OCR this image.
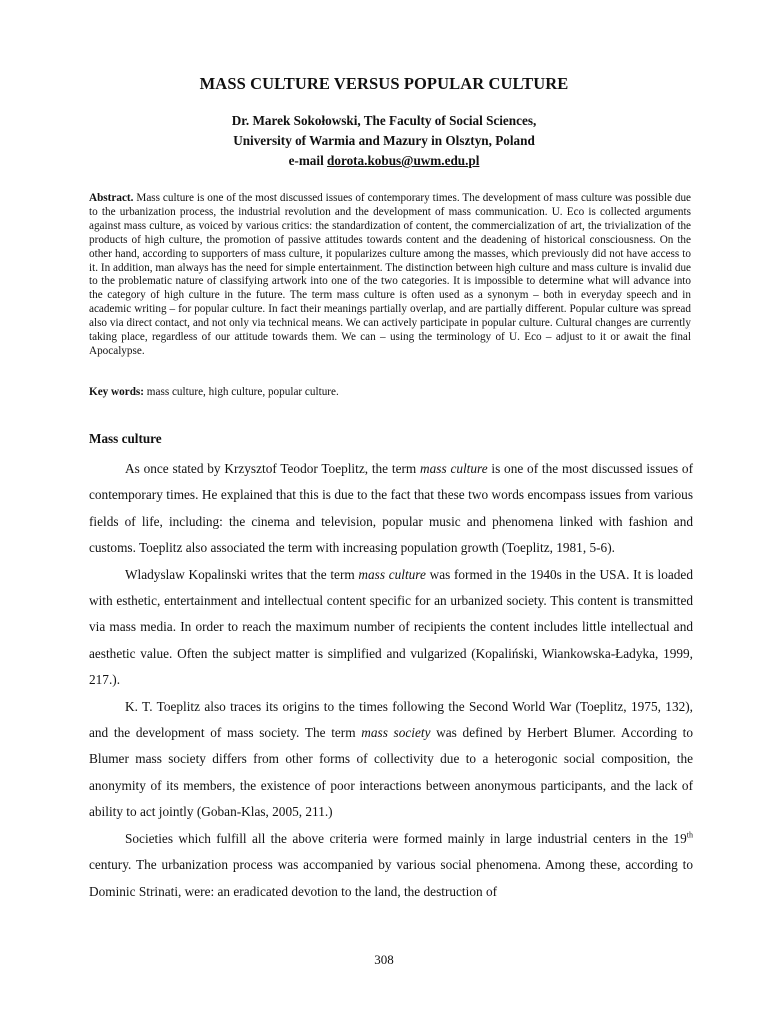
MASS CULTURE VERSUS POPULAR CULTURE
Dr. Marek Sokołowski, The Faculty of Social Sciences,
University of Warmia and Mazury in Olsztyn, Poland
e-mail dorota.kobus@uwm.edu.pl
Abstract. Mass culture is one of the most discussed issues of contemporary times. The development of mass culture was possible due to the urbanization process, the industrial revolution and the development of mass communication. U. Eco is collected arguments against mass culture, as voiced by various critics: the standardization of content, the commercialization of art, the trivialization of the products of high culture, the promotion of passive attitudes towards content and the deadening of historical consciousness. On the other hand, according to supporters of mass culture, it popularizes culture among the masses, which previously did not have access to it. In addition, man always has the need for simple entertainment. The distinction between high culture and mass culture is invalid due to the problematic nature of classifying artwork into one of the two categories. It is impossible to determine what will advance into the category of high culture in the future. The term mass culture is often used as a synonym – both in everyday speech and in academic writing – for popular culture. In fact their meanings partially overlap, and are partially different. Popular culture was spread also via direct contact, and not only via technical means. We can actively participate in popular culture. Cultural changes are currently taking place, regardless of our attitude towards them. We can – using the terminology of U. Eco – adjust to it or await the final Apocalypse.
Key words: mass culture, high culture, popular culture.
Mass culture

As once stated by Krzysztof Teodor Toeplitz, the term mass culture is one of the most discussed issues of contemporary times. He explained that this is due to the fact that these two words encompass issues from various fields of life, including: the cinema and television, popular music and phenomena linked with fashion and customs. Toeplitz also associated the term with increasing population growth (Toeplitz, 1981, 5-6).

Wladyslaw Kopalinski writes that the term mass culture was formed in the 1940s in the USA. It is loaded with esthetic, entertainment and intellectual content specific for an urbanized society. This content is transmitted via mass media. In order to reach the maximum number of recipients the content includes little intellectual and aesthetic value. Often the subject matter is simplified and vulgarized (Kopaliński, Wiankowska-Ładyka, 1999, 217.).

K. T. Toeplitz also traces its origins to the times following the Second World War (Toeplitz, 1975, 132), and the development of mass society. The term mass society was defined by Herbert Blumer. According to Blumer mass society differs from other forms of collectivity due to a heterogonic social composition, the anonymity of its members, the existence of poor interactions between anonymous participants, and the lack of ability to act jointly (Goban-Klas, 2005, 211.)

Societies which fulfill all the above criteria were formed mainly in large industrial centers in the 19th century. The urbanization process was accompanied by various social phenomena. Among these, according to Dominic Strinati, were: an eradicated devotion to the land, the destruction of

308
